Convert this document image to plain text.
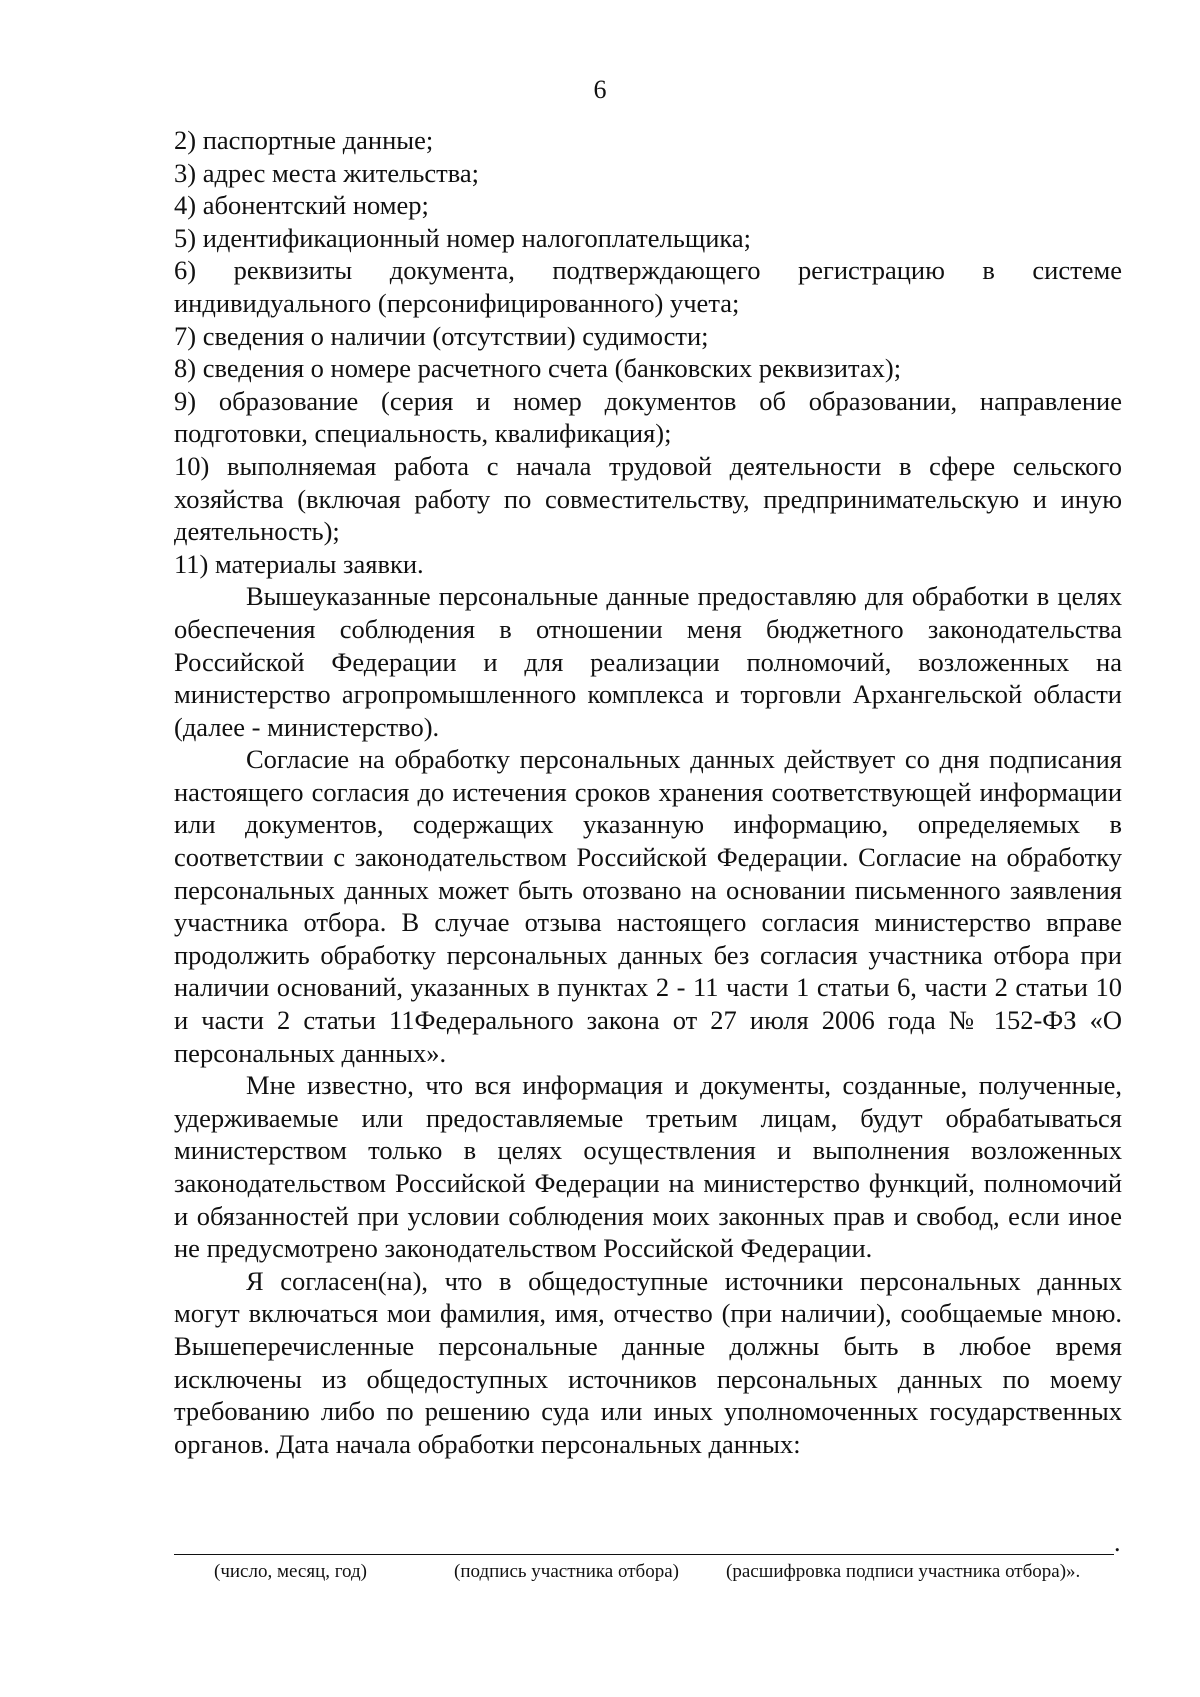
6

2) паспортные данные;

3) адрес места жительства;

4) абонентский номер;

5) идентификационный номер налогоплательщика;

6) реквизиты документа, подтверждающего регистрацию в системе индивидуального (персонифицированного) учета;

7) сведения о наличии (отсутствии) судимости;

8) сведения о номере расчетного счета (банковских реквизитах);

9) образование (серия и номер документов об образовании, направление подготовки, специальность, квалификация);

10) выполняемая работа с начала трудовой деятельности в сфере сельского хозяйства (включая работу по совместительству, предпринимательскую и иную деятельность);

11) материалы заявки.

Вышеуказанные персональные данные предоставляю для обработки в целях обеспечения соблюдения в отношении меня бюджетного законодательства Российской Федерации и для реализации полномочий, возложенных на министерство агропромышленного комплекса и торговли Архангельской области (далее - министерство).

Согласие на обработку персональных данных действует со дня подписания настоящего согласия до истечения сроков хранения соответствующей информации или документов, содержащих указанную информацию, определяемых в соответствии с законодательством Российской Федерации. Согласие на обработку персональных данных может быть отозвано на основании письменного заявления участника отбора. В случае отзыва настоящего согласия министерство вправе продолжить обработку персональных данных без согласия участника отбора при наличии оснований, указанных в пунктах 2 - 11 части 1 статьи 6, части 2 статьи 10 и части 2 статьи 11Федерального закона от 27 июля 2006 года № 152-ФЗ «О персональных данных».

Мне известно, что вся информация и документы, созданные, полученные, удерживаемые или предоставляемые третьим лицам, будут обрабатываться министерством только в целях осуществления и выполнения возложенных законодательством Российской Федерации на министерство функций, полномочий и обязанностей при условии соблюдения моих законных прав и свобод, если иное не предусмотрено законодательством Российской Федерации.

Я согласен(на), что в общедоступные источники персональных данных могут включаться мои фамилия, имя, отчество (при наличии), сообщаемые мною. Вышеперечисленные персональные данные должны быть в любое время исключены из общедоступных источников персональных данных по моему требованию либо по решению суда или иных уполномоченных государственных органов. Дата начала обработки персональных данных:

.
(число, месяц, год)	(подпись участника отбора) (расшифровка подписи участника отбора)».
